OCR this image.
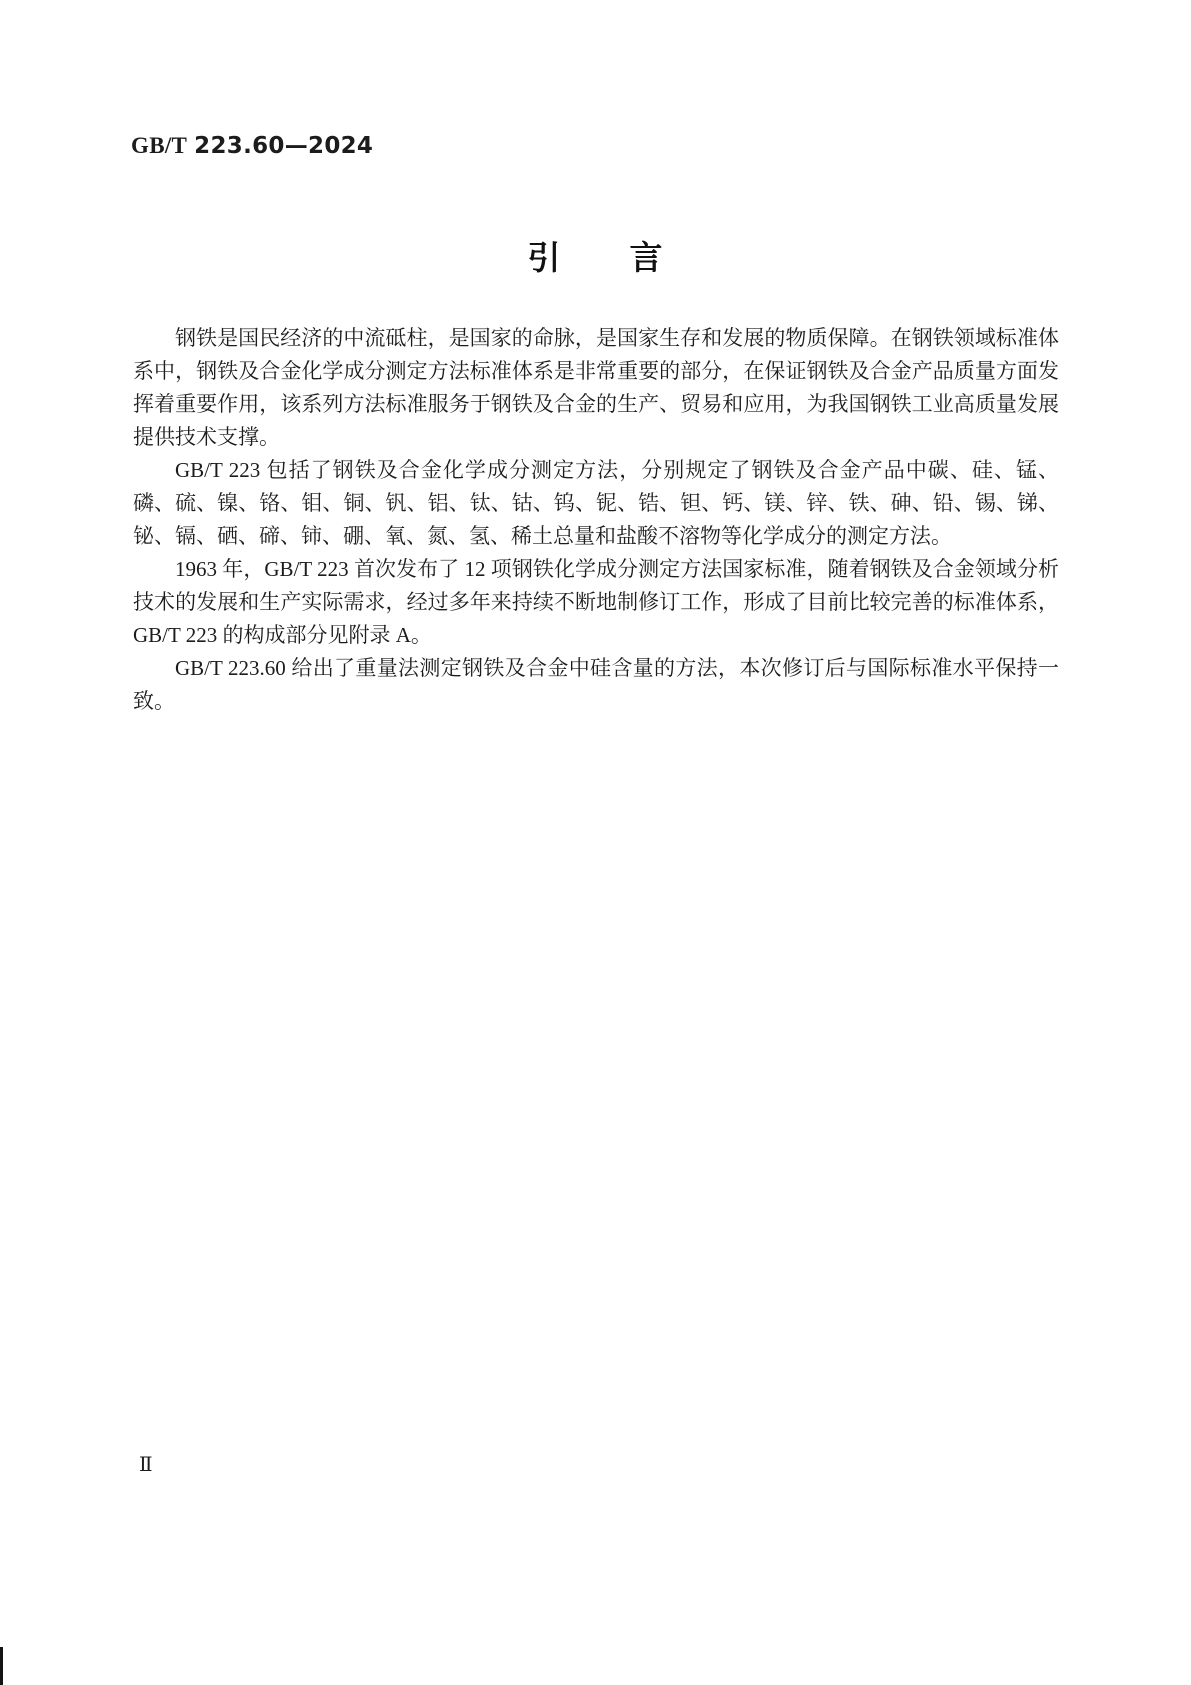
GB/T 223.60—2024
引　　言

钢铁是国民经济的中流砥柱，是国家的命脉，是国家生存和发展的物质保障。在钢铁领域标准体系中，钢铁及合金化学成分测定方法标准体系是非常重要的部分，在保证钢铁及合金产品质量方面发挥着重要作用，该系列方法标准服务于钢铁及合金的生产、贸易和应用，为我国钢铁工业高质量发展提供技术支撑。

GB/T 223 包括了钢铁及合金化学成分测定方法，分别规定了钢铁及合金产品中碳、硅、锰、磷、硫、镍、铬、钼、铜、钒、铝、钛、钴、钨、铌、锆、钽、钙、镁、锌、铁、砷、铅、锡、锑、铋、镉、硒、碲、铈、硼、氧、氮、氢、稀土总量和盐酸不溶物等化学成分的测定方法。

1963 年，GB/T 223 首次发布了 12 项钢铁化学成分测定方法国家标准，随着钢铁及合金领域分析技术的发展和生产实际需求，经过多年来持续不断地制修订工作，形成了目前比较完善的标准体系，GB/T 223 的构成部分见附录 A。

GB/T 223.60 给出了重量法测定钢铁及合金中硅含量的方法，本次修订后与国际标准水平保持一致。

Ⅱ
